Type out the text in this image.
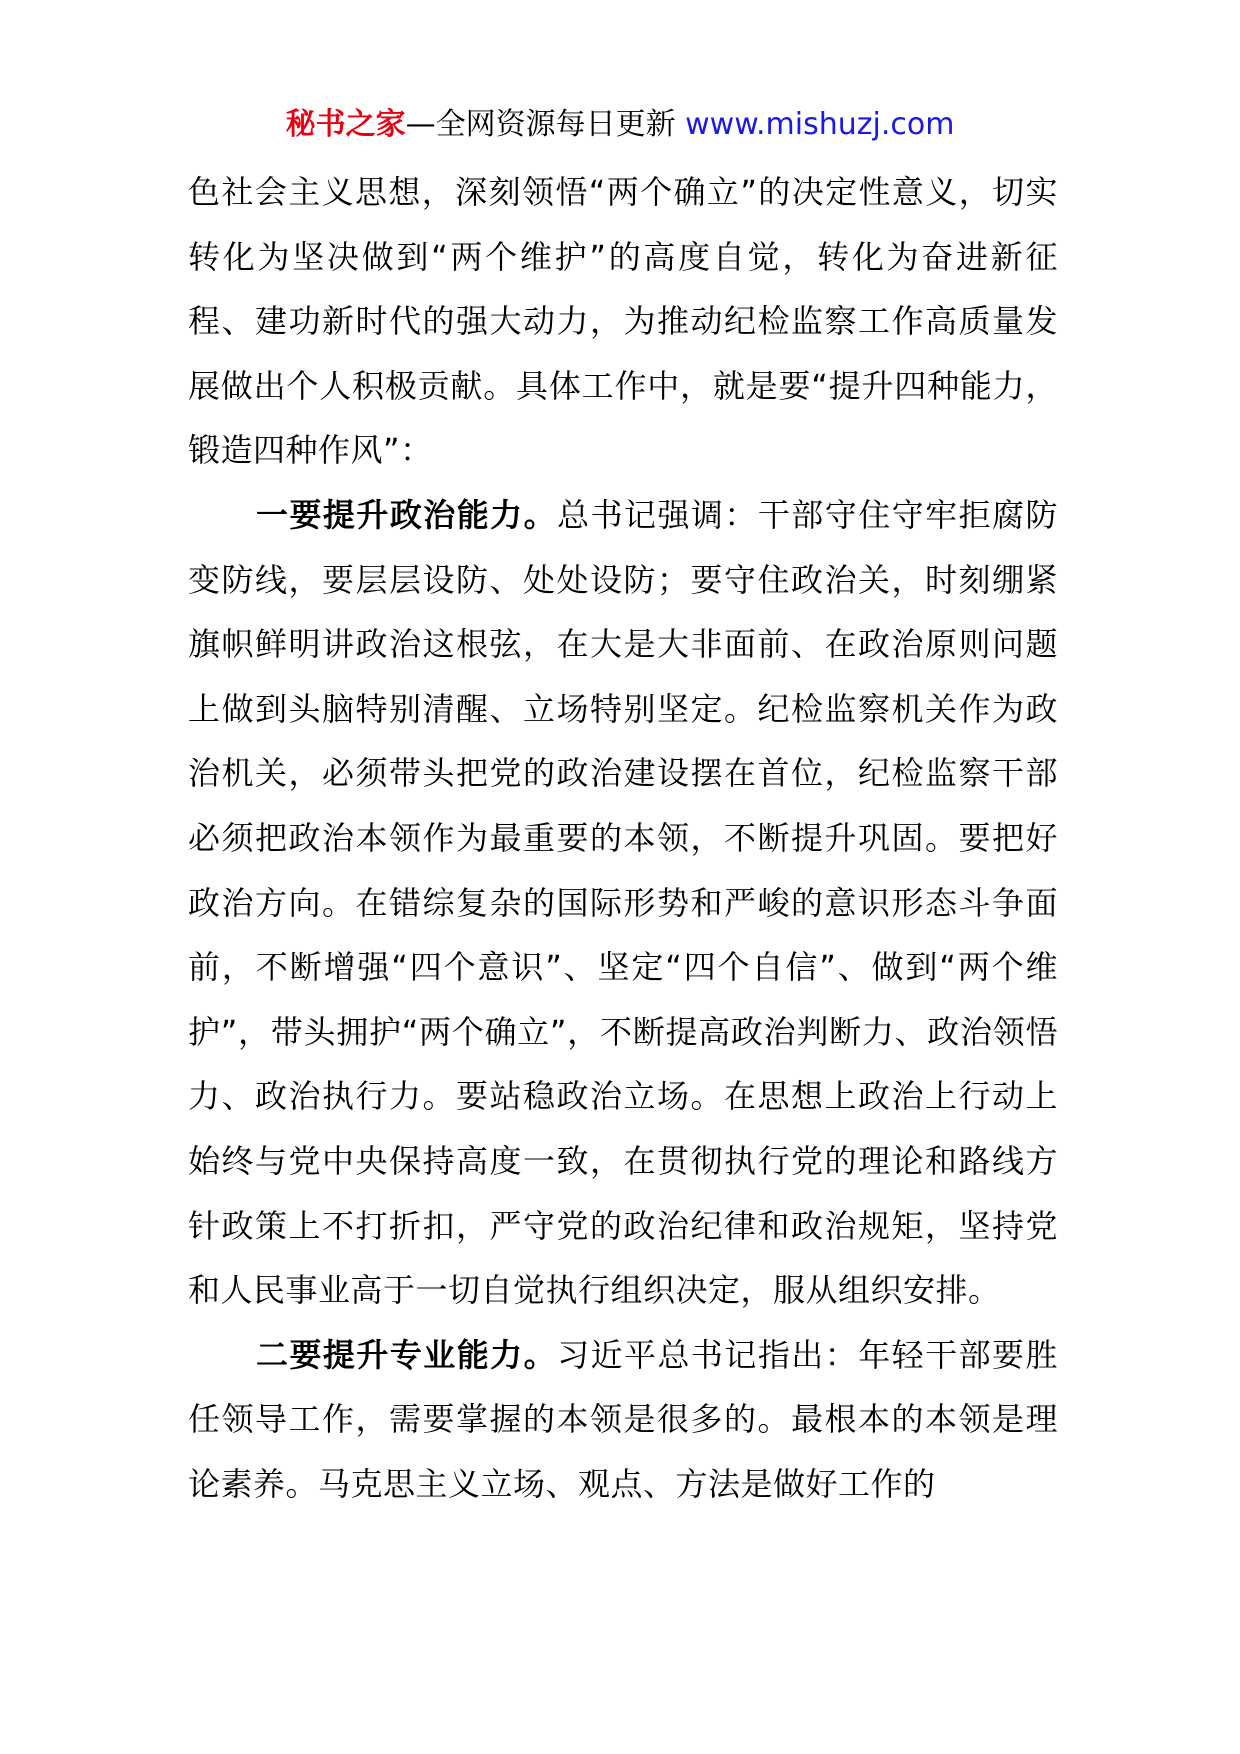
秘书之家—全网资源每日更新 www.mishuzj.com

色社会主义思想，深刻领悟“两个确立”的决定性意义，切实转化为坚决做到“两个维护”的高度自觉，转化为奋进新征程、建功新时代的强大动力，为推动纪检监察工作高质量发展做出个人积极贡献。具体工作中，就是要“提升四种能力，锻造四种作风”：

一要提升政治能力。总书记强调：干部守住守牢拒腐防变防线，要层层设防、处处设防；要守住政治关，时刻绷紧旗帜鲜明讲政治这根弦，在大是大非面前、在政治原则问题上做到头脑特别清醒、立场特别坚定。纪检监察机关作为政治机关，必须带头把党的政治建设摆在首位，纪检监察干部必须把政治本领作为最重要的本领，不断提升巩固。要把好政治方向。在错综复杂的国际形势和严峻的意识形态斗争面前，不断增强“四个意识”、坚定“四个自信”、做到“两个维护”，带头拥护“两个确立”，不断提高政治判断力、政治领悟力、政治执行力。要站稳政治立场。在思想上政治上行动上始终与党中央保持高度一致，在贯彻执行党的理论和路线方针政策上不打折扣，严守党的政治纪律和政治规矩，坚持党和人民事业高于一切自觉执行组织决定，服从组织安排。

二要提升专业能力。习近平总书记指出：年轻干部要胜任领导工作，需要掌握的本领是很多的。最根本的本领是理论素养。马克思主义立场、观点、方法是做好工作的
